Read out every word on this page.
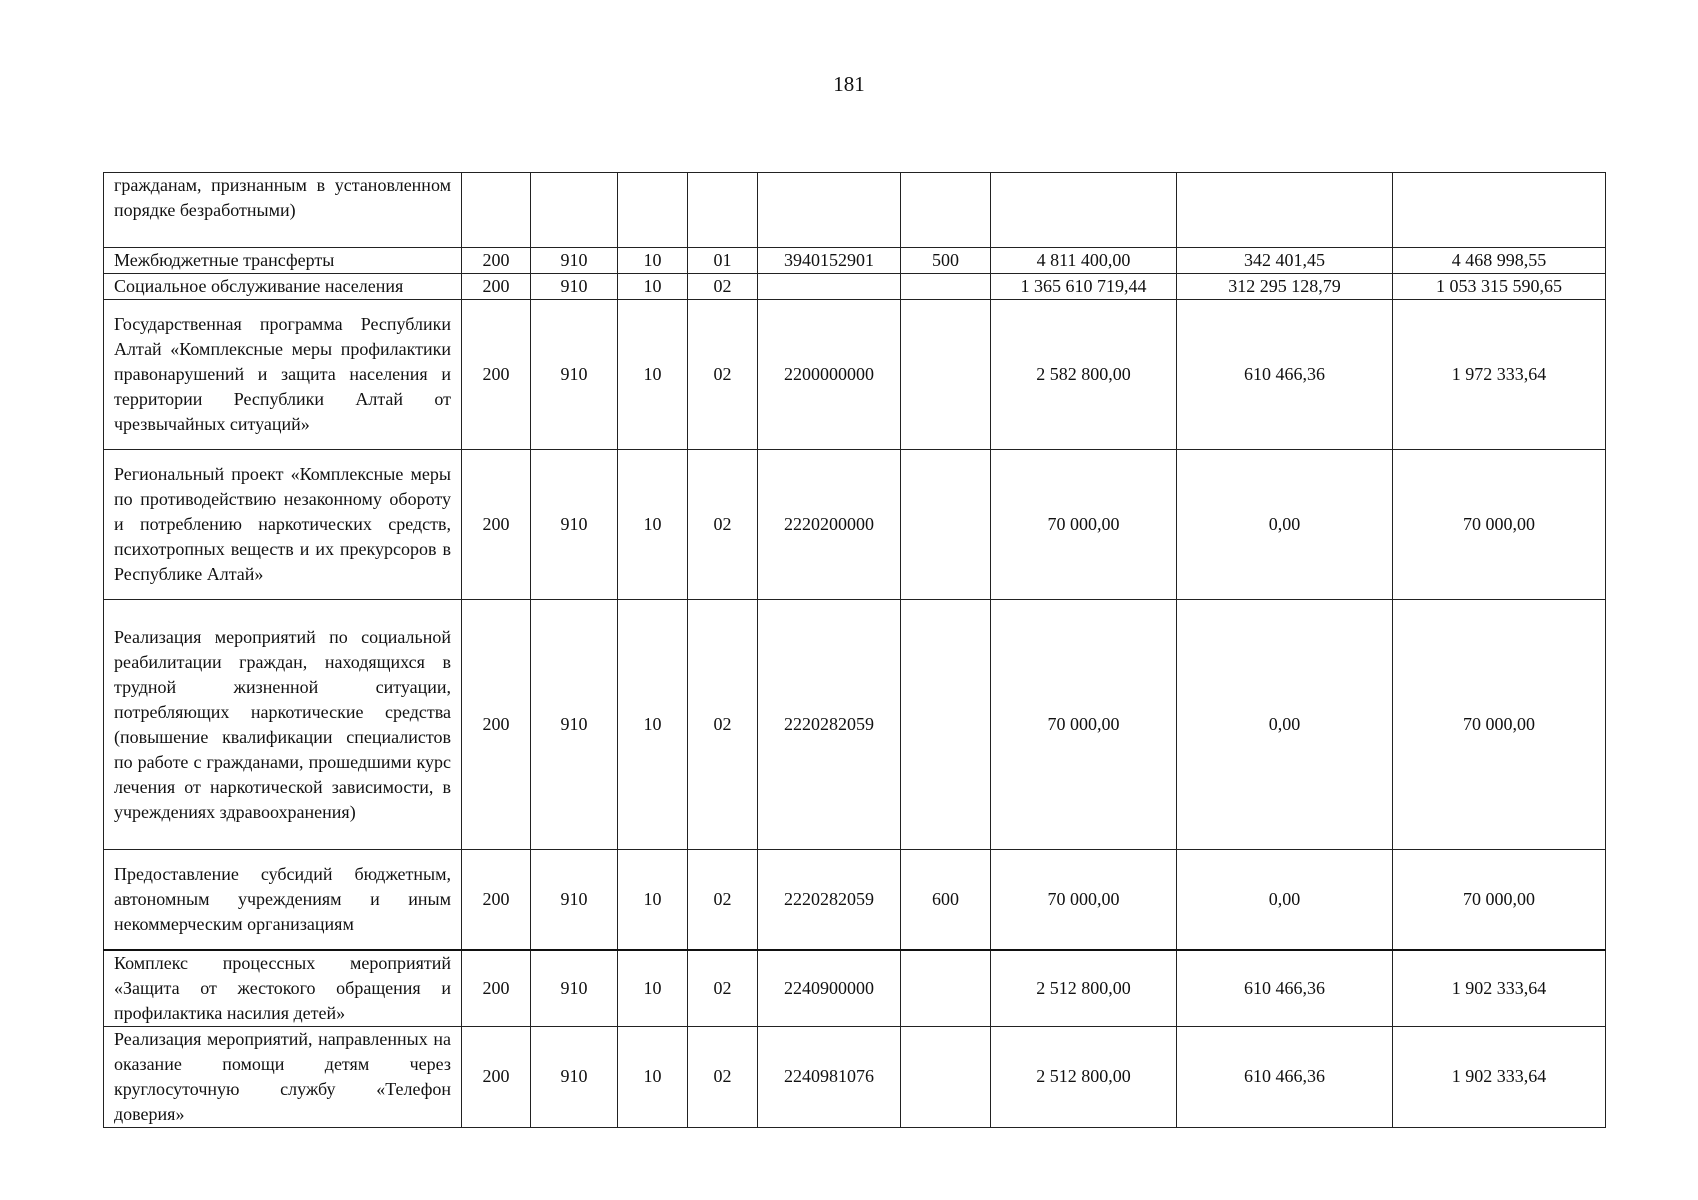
181
гражданам, признанным в установленном порядке безработными)									
Межбюджетные трансферты	200	910	10	01	3940152901	500	4 811 400,00	342 401,45	4 468 998,55
Социальное обслуживание населения	200	910	10	02			1 365 610 719,44	312 295 128,79	1 053 315 590,65
Государственная программа Республики Алтай «Комплексные меры профилактики правонарушений и защита населения и территории Республики Алтай от чрезвычайных ситуаций»	200	910	10	02	2200000000		2 582 800,00	610 466,36	1 972 333,64
Региональный проект «Комплексные меры по противодействию незаконному обороту и потреблению наркотических средств, психотропных веществ и их прекурсоров в Республике Алтай»	200	910	10	02	2220200000		70 000,00	0,00	70 000,00
Реализация мероприятий по социальной реабилитации граждан, находящихся в трудной жизненной ситуации, потребляющих наркотические средства (повышение квалификации специалистов по работе с гражданами, прошедшими курс лечения от наркотической зависимости, в учреждениях здравоохранения)	200	910	10	02	2220282059		70 000,00	0,00	70 000,00
Предоставление субсидий бюджетным, автономным учреждениям и иным некоммерческим организациям	200	910	10	02	2220282059	600	70 000,00	0,00	70 000,00
Комплекс процессных мероприятий «Защита от жестокого обращения и профилактика насилия детей»	200	910	10	02	2240900000		2 512 800,00	610 466,36	1 902 333,64
Реализация мероприятий, направленных на оказание помощи детям через круглосуточную службу «Телефон доверия»	200	910	10	02	2240981076		2 512 800,00	610 466,36	1 902 333,64
